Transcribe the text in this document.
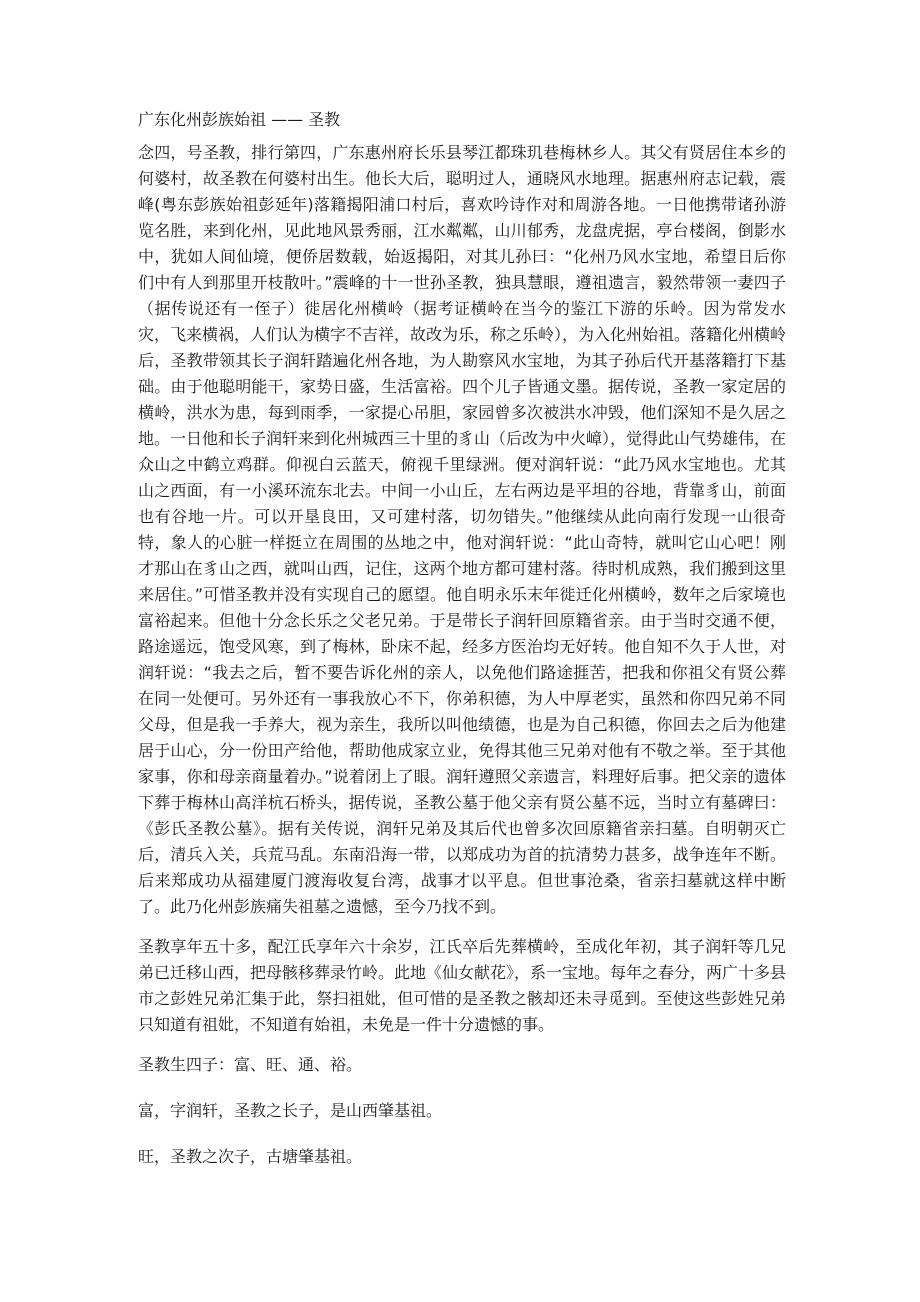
广东化州彭族始祖 —— 圣教

念四，号圣教，排行第四，广东惠州府长乐县琴江都珠玑巷梅林乡人。其父有贤居住本乡的何婆村，故圣教在何婆村出生。他长大后，聪明过人，通晓风水地理。据惠州府志记载，震峰(粤东彭族始祖彭延年)落籍揭阳浦口村后，喜欢吟诗作对和周游各地。一日他携带诸孙游览名胜，来到化州，见此地风景秀丽，江水粼粼，山川郁秀，龙盘虎据，亭台楼阁，倒影水中，犹如人间仙境，便侨居数载，始返揭阳，对其儿孙曰：“化州乃风水宝地，希望日后你们中有人到那里开枝散叶。”震峰的十一世孙圣教，独具慧眼，遵祖遗言，毅然带领一妻四子（据传说还有一侄子）徙居化州横岭（据考证横岭在当今的鉴江下游的乐岭。因为常发水灾，飞来横祸，人们认为横字不吉祥，故改为乐，称之乐岭），为入化州始祖。落籍化州横岭后，圣教带领其长子润轩踏遍化州各地，为人勘察风水宝地，为其子孙后代开基落籍打下基础。由于他聪明能干，家势日盛，生活富裕。四个儿子皆通文墨。据传说，圣教一家定居的横岭，洪水为患，每到雨季，一家提心吊胆，家园曾多次被洪水冲毁，他们深知不是久居之地。一日他和长子润轩来到化州城西三十里的豸山（后改为中火嶂），觉得此山气势雄伟，在众山之中鹤立鸡群。仰视白云蓝天，俯视千里绿洲。便对润轩说：“此乃风水宝地也。尤其山之西面，有一小溪环流东北去。中间一小山丘，左右两边是平坦的谷地，背靠豸山，前面也有谷地一片。可以开垦良田，又可建村落，切勿错失。”他继续从此向南行发现一山很奇特，象人的心脏一样挺立在周围的丛地之中，他对润轩说：“此山奇特，就叫它山心吧！刚才那山在豸山之西，就叫山西，记住，这两个地方都可建村落。待时机成熟，我们搬到这里来居住。”可惜圣教并没有实现自己的愿望。他自明永乐末年徙迁化州横岭，数年之后家境也富裕起来。但他十分念长乐之父老兄弟。于是带长子润轩回原籍省亲。由于当时交通不便，路途遥远，饱受风寒，到了梅林，卧床不起，经多方医治均无好转。他自知不久于人世，对润轩说：“我去之后，暂不要告诉化州的亲人，以免他们路途捱苦，把我和你祖父有贤公葬在同一处便可。另外还有一事我放心不下，你弟积德，为人中厚老实，虽然和你四兄弟不同父母，但是我一手养大，视为亲生，我所以叫他绩德，也是为自己积德，你回去之后为他建居于山心，分一份田产给他，帮助他成家立业，免得其他三兄弟对他有不敬之举。至于其他家事，你和母亲商量着办。”说着闭上了眼。润轩遵照父亲遗言，料理好后事。把父亲的遗体下葬于梅林山高洋杭石桥头，据传说，圣教公墓于他父亲有贤公墓不远，当时立有墓碑曰：《彭氏圣教公墓》。据有关传说，润轩兄弟及其后代也曾多次回原籍省亲扫墓。自明朝灭亡后，清兵入关，兵荒马乱。东南沿海一带，以郑成功为首的抗清势力甚多，战争连年不断。后来郑成功从福建厦门渡海收复台湾，战事才以平息。但世事沧桑，省亲扫墓就这样中断了。此乃化州彭族痛失祖墓之遗憾，至今乃找不到。

圣教享年五十多，配江氏享年六十余岁，江氏卒后先葬横岭，至成化年初，其子润轩等几兄弟已迁移山西，把母骸移葬录竹岭。此地《仙女献花》，系一宝地。每年之春分，两广十多县市之彭姓兄弟汇集于此，祭扫祖妣，但可惜的是圣教之骸却还未寻觅到。至使这些彭姓兄弟只知道有祖妣，不知道有始祖，未免是一件十分遗憾的事。

圣教生四子：富、旺、通、裕。

富，字润轩，圣教之长子，是山西肇基祖。

旺，圣教之次子，古塘肇基祖。
